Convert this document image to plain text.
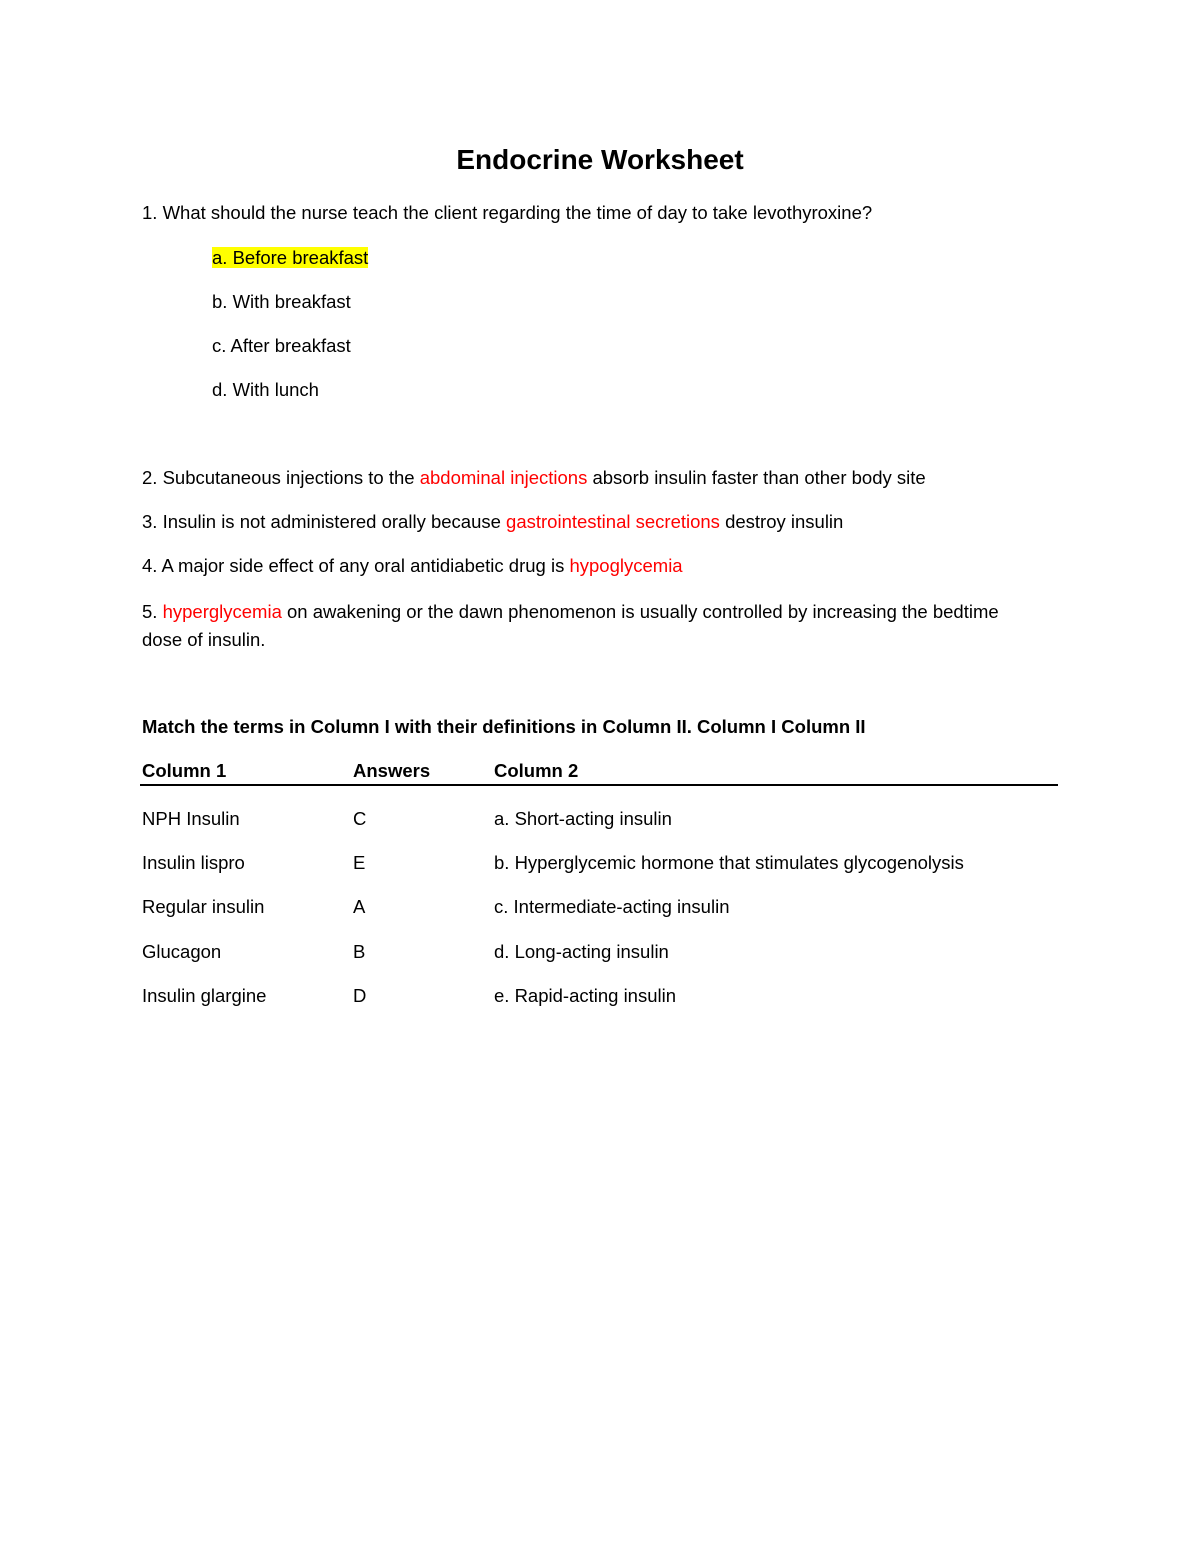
Endocrine Worksheet
1. What should the nurse teach the client regarding the time of day to take levothyroxine?
a. Before breakfast
b. With breakfast
c. After breakfast
d. With lunch
2. Subcutaneous injections to the abdominal injections absorb insulin faster than other body site
3. Insulin is not administered orally because gastrointestinal secretions destroy insulin
4. A major side effect of any oral antidiabetic drug is hypoglycemia
5. hyperglycemia on awakening or the dawn phenomenon is usually controlled by increasing the bedtime dose of insulin.
Match the terms in Column I with their definitions in Column II. Column I Column II
Column 1	Answers	Column 2
NPH Insulin	C	a. Short-acting insulin
Insulin lispro	E	b. Hyperglycemic hormone that stimulates glycogenolysis
Regular insulin	A	c. Intermediate-acting insulin
Glucagon	B	d. Long-acting insulin
Insulin glargine	D	e. Rapid-acting insulin
